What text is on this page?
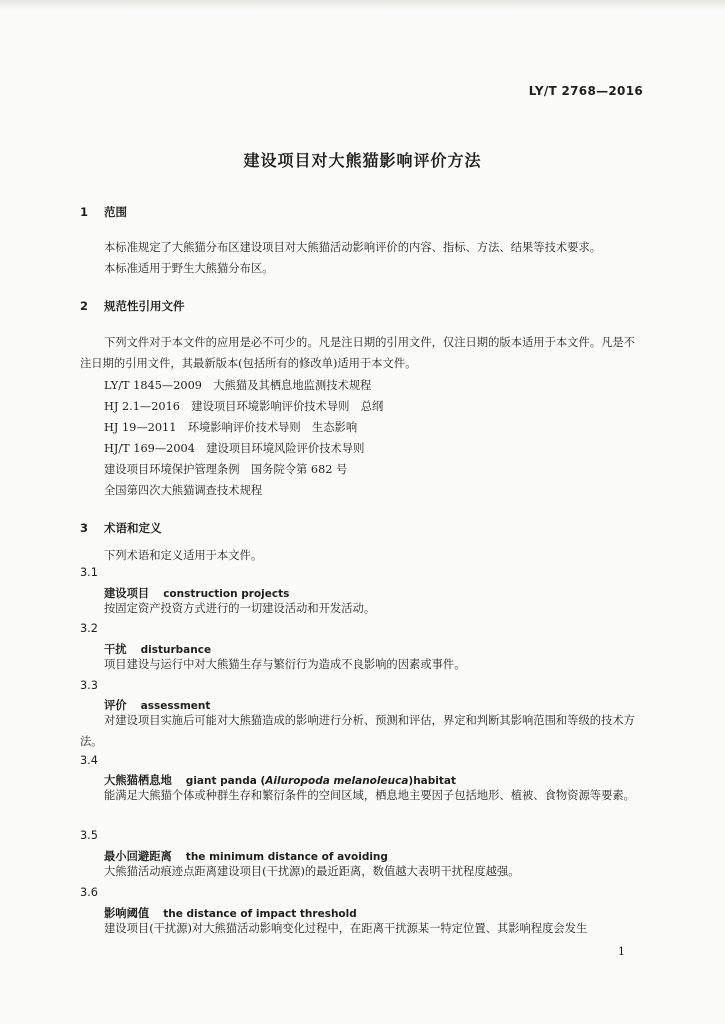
LY/T 2768—2016
建设项目对大熊猫影响评价方法
1 范围
本标准规定了大熊猫分布区建设项目对大熊猫活动影响评价的内容、指标、方法、结果等技术要求。
本标准适用于野生大熊猫分布区。
2 规范性引用文件
下列文件对于本文件的应用是必不可少的。凡是注日期的引用文件，仅注日期的版本适用于本文件。凡是不注日期的引用文件，其最新版本(包括所有的修改单)适用于本文件。
LY/T 1845—2009　大熊猫及其栖息地监测技术规程
HJ 2.1—2016　建设项目环境影响评价技术导则　总纲
HJ 19—2011　环境影响评价技术导则　生态影响
HJ/T 169—2004　建设项目环境风险评价技术导则
建设项目环境保护管理条例　国务院令第 682 号
全国第四次大熊猫调查技术规程
3 术语和定义
下列术语和定义适用于本文件。
3.1
建设项目 construction projects
按固定资产投资方式进行的一切建设活动和开发活动。
3.2
干扰 disturbance
项目建设与运行中对大熊猫生存与繁衍行为造成不良影响的因素或事件。
3.3
评价 assessment
对建设项目实施后可能对大熊猫造成的影响进行分析、预测和评估，界定和判断其影响范围和等级的技术方法。
3.4
大熊猫栖息地 giant panda (Ailuropoda melanoleuca)habitat
能满足大熊猫个体或种群生存和繁衍条件的空间区域，栖息地主要因子包括地形、植被、食物资源等要素。
3.5
最小回避距离 the minimum distance of avoiding
大熊猫活动痕迹点距离建设项目(干扰源)的最近距离，数值越大表明干扰程度越强。
3.6
影响阈值 the distance of impact threshold
建设项目(干扰源)对大熊猫活动影响变化过程中，在距离干扰源某一特定位置、其影响程度会发生
1
